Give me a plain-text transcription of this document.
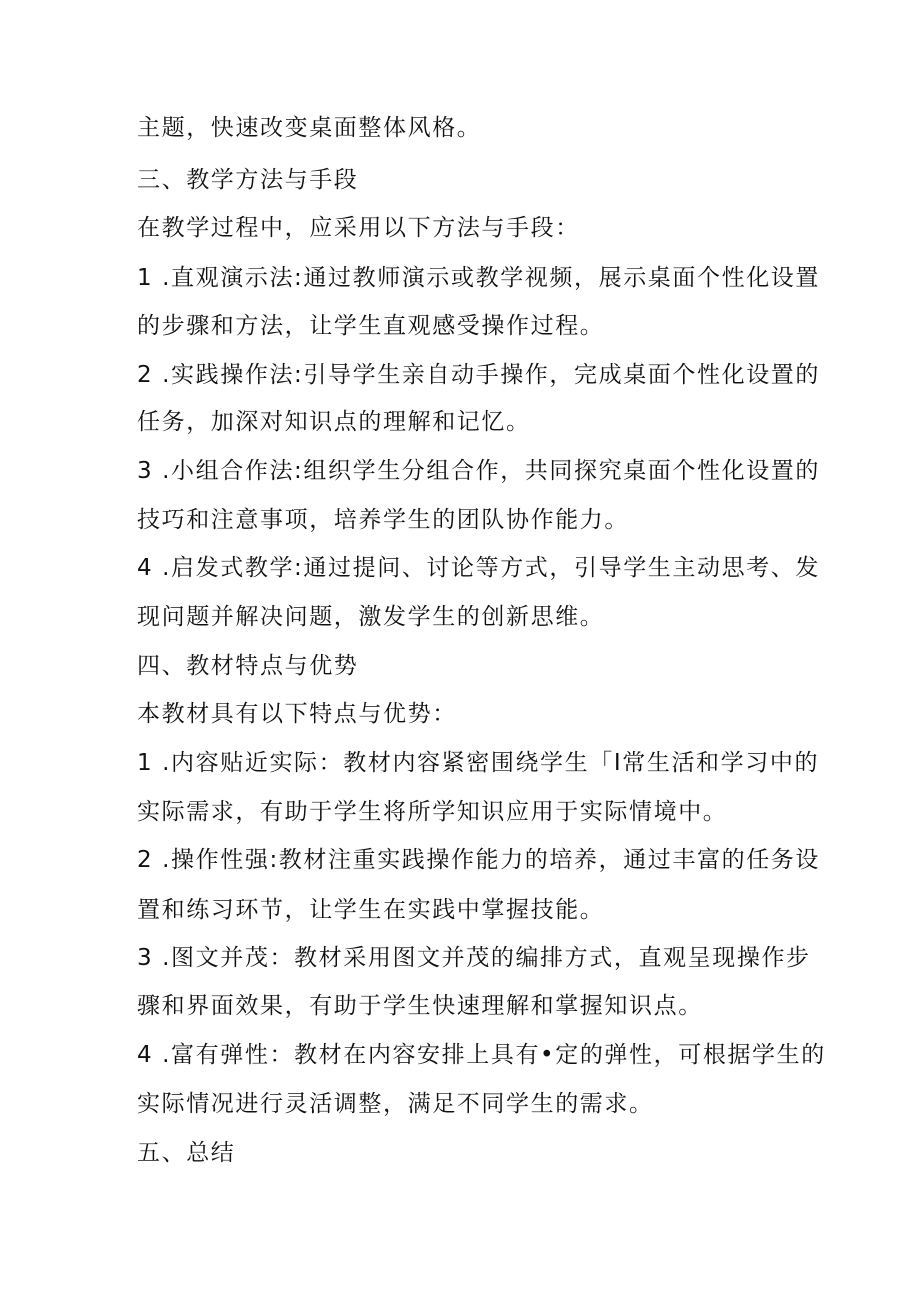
主题，快速改变桌面整体风格。
三、教学方法与手段
在教学过程中，应采用以下方法与手段：
1 .直观演示法:通过教师演示或教学视频，展示桌面个性化设置
的步骤和方法，让学生直观感受操作过程。
2 .实践操作法:引导学生亲自动手操作，完成桌面个性化设置的
任务，加深对知识点的理解和记忆。
3 .小组合作法:组织学生分组合作，共同探究桌面个性化设置的
技巧和注意事项，培养学生的团队协作能力。
4 .启发式教学:通过提问、讨论等方式，引导学生主动思考、发
现问题并解决问题，激发学生的创新思维。
四、教材特点与优势
本教材具有以下特点与优势：
1 .内容贴近实际：教材内容紧密围绕学生「I常生活和学习中的
实际需求，有助于学生将所学知识应用于实际情境中。
2 .操作性强:教材注重实践操作能力的培养，通过丰富的任务设
置和练习环节，让学生在实践中掌握技能。
3 .图文并茂：教材采用图文并茂的编排方式，直观呈现操作步
骤和界面效果，有助于学生快速理解和掌握知识点。
4 .富有弹性：教材在内容安排上具有•定的弹性，可根据学生的
实际情况进行灵活调整，满足不同学生的需求。
五、总结
